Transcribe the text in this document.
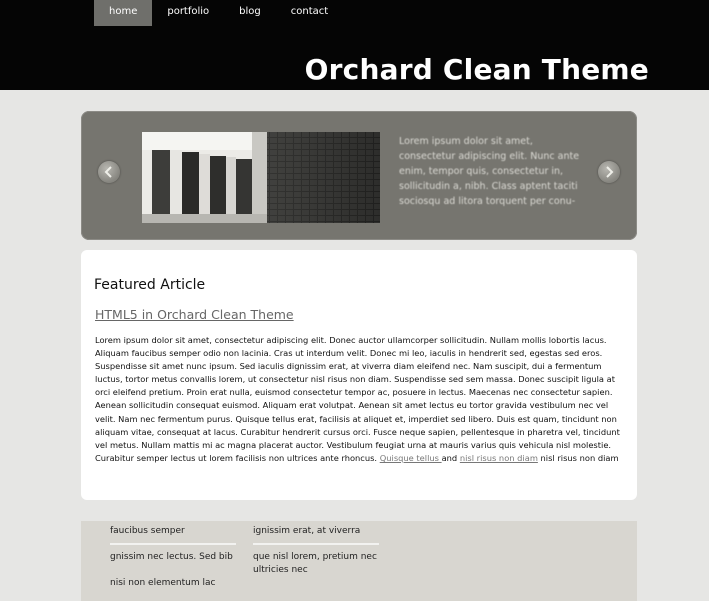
home	portfolio	blog	contact
Orchard Clean Theme
Lorem ipsum dolor sit amet, consectetur adipiscing elit. Nunc ante enim, tempor quis, consectetur in, sollicitudin a, nibh. Class aptent taciti sociosqu ad litora torquent per conu-
Featured Article
HTML5 in Orchard Clean Theme

Lorem ipsum dolor sit amet, consectetur adipiscing elit. Donec auctor ullamcorper sollicitudin. Nullam mollis lobortis lacus. Aliquam faucibus semper odio non lacinia. Cras ut interdum velit. Donec mi leo, iaculis in hendrerit sed, egestas sed eros. Suspendisse sit amet nunc ipsum. Sed iaculis dignissim erat, at viverra diam eleifend nec. Nam suscipit, dui a fermentum luctus, tortor metus convallis lorem, ut consectetur nisl risus non diam. Suspendisse sed sem massa. Donec suscipit ligula at orci eleifend pretium. Proin erat nulla, euismod consectetur tempor ac, posuere in lectus. Maecenas nec consectetur sapien. Aenean sollicitudin consequat euismod. Aliquam erat volutpat. Aenean sit amet lectus eu tortor gravida vestibulum nec vel velit. Nam nec fermentum purus. Quisque tellus erat, facilisis at aliquet et, imperdiet sed libero. Duis est quam, tincidunt non aliquam vitae, consequat at lacus. Curabitur hendrerit cursus orci. Fusce neque sapien, pellentesque in pharetra vel, tincidunt vel metus. Nullam mattis mi ac magna placerat auctor. Vestibulum feugiat urna at mauris varius quis vehicula nisl molestie. Curabitur semper lectus ut lorem facilisis non ultrices ante rhoncus. Quisque tellus and nisl risus non diam nisl risus non diam

faucibus semper
gnissim nec lectus. Sed bib
nisi non elementum lac
ignissim erat, at viverra
que nisl lorem, pretium nec ultricies nec
